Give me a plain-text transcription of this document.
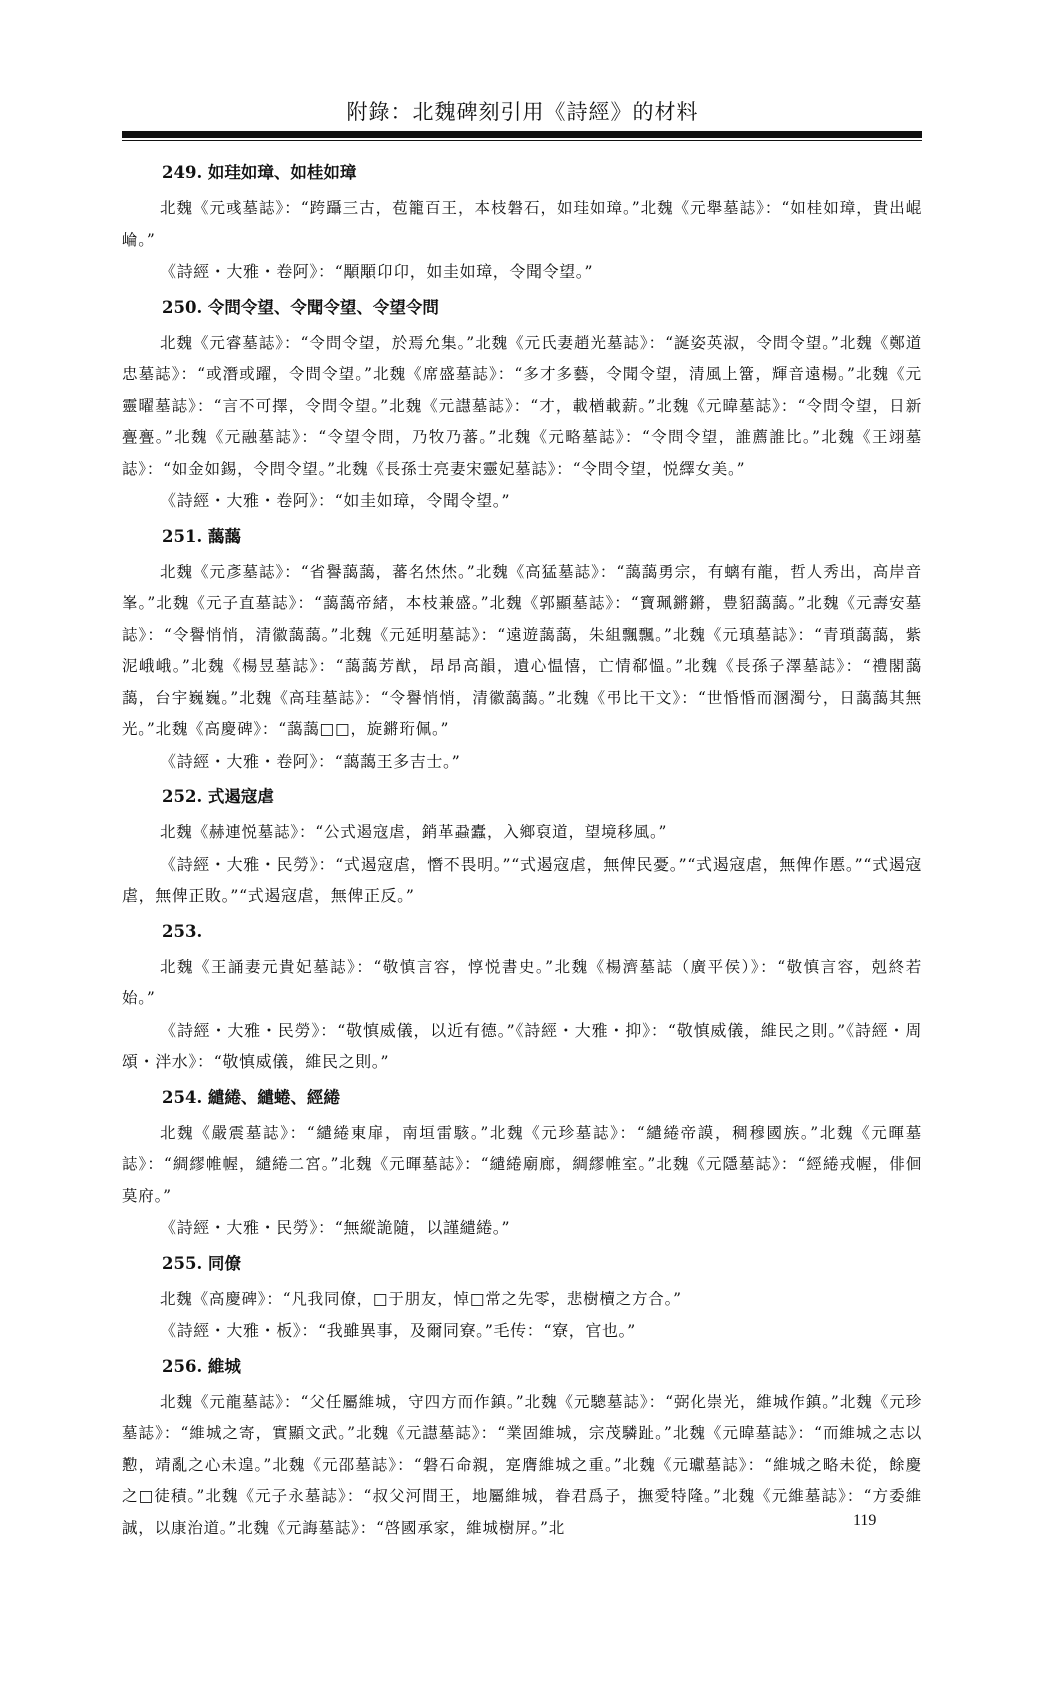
附錄：北魏碑刻引用《詩經》的材料

249. 如珪如璋、如桂如璋

北魏《元彧墓誌》：“跨躡三古，苞籠百王，本枝磐石，如珪如璋。”北魏《元舉墓誌》：“如桂如璋，貴出崐崘。”

《詩經・大雅・卷阿》：“顒顒卬卬，如圭如璋，令聞令望。”

250. 令問令望、令聞令望、令望令問

北魏《元睿墓誌》：“令問令望，於焉允集。”北魏《元氏妻趙光墓誌》：“誕姿英淑，令問令望。”北魏《鄭道忠墓誌》：“或潛或躍，令問令望。”北魏《席盛墓誌》：“多才多藝，令聞令望，清風上簹，輝音遠楊。”北魏《元靈曜墓誌》：“言不可擇，令問令望。”北魏《元譿墓誌》：“才，載楢載薪。”北魏《元暐墓誌》：“令問令望，日新亹亹。”北魏《元融墓誌》：“令望令問，乃牧乃蕃。”北魏《元略墓誌》：“令問令望，誰薦誰比。”北魏《王翊墓誌》：“如金如錫，令問令望。”北魏《長孫士亮妻宋靈妃墓誌》：“令問令望，悦繹女美。”

《詩經・大雅・卷阿》：“如圭如璋，令聞令望。”

251. 藹藹

北魏《元彥墓誌》：“省譽藹藹，蕃名烋烋。”北魏《高猛墓誌》：“藹藹勇宗，有螭有龍，哲人秀出，高岸音峯。”北魏《元子直墓誌》：“藹藹帝緒，本枝兼盛。”北魏《郭顯墓誌》：“寶珮鏘鏘，豊貂藹藹。”北魏《元壽安墓誌》：“令譽悄悄，清徽藹藹。”北魏《元延明墓誌》：“遠遊藹藹，朱組飄飄。”北魏《元瑱墓誌》：“青瑣藹藹，紫泥峨峨。”北魏《楊昱墓誌》：“藹藹芳猷，昂昂高韻，遺心愠憘，亡情郗慍。”北魏《長孫子澤墓誌》：“禮閣藹藹，台宇巍巍。”北魏《高珪墓誌》：“令譽悄悄，清徽藹藹。”北魏《弔比干文》：“世惛惛而溷濁兮，日藹藹其無光。”北魏《高慶碑》：“藹藹□□，旋鏘珩佩。”

《詩經・大雅・卷阿》：“藹藹王多吉士。”

252. 式遏寇虐

北魏《赫連悦墓誌》：“公式遏寇虐，銷革蝨蠹，入鄉裒道，望境移風。”

《詩經・大雅・民勞》：“式遏寇虐，憯不畏明。”“式遏寇虐，無俾民憂。”“式遏寇虐，無俾作慝。”“式遏寇虐，無俾正敗。”“式遏寇虐，無俾正反。”

253.

北魏《王誦妻元貴妃墓誌》：“敬慎言容，惇悦書史。”北魏《楊濟墓誌（廣平侯）》：“敬慎言容，剋終若始。”

《詩經・大雅・民勞》：“敬慎威儀，以近有德。”《詩經・大雅・抑》：“敬慎威儀，維民之則。”《詩經・周頌・泮水》：“敬慎威儀，維民之則。”

254. 繾綣、繾蜷、經綣

北魏《嚴震墓誌》：“繾綣東扉，南垣雷駭。”北魏《元珍墓誌》：“繾綣帝謨，稠穆國族。”北魏《元暉墓誌》：“綢繆帷幄，繾綣二宮。”北魏《元暉墓誌》：“繾綣廟廊，綢繆帷室。”北魏《元隱墓誌》：“經綣戎幄，俳佪莫府。”

《詩經・大雅・民勞》：“無縱詭隨，以謹繾綣。”

255. 同僚

北魏《高慶碑》：“凡我同僚，□于朋友，悼□常之先零，悲樹櫝之方合。”

《詩經・大雅・板》：“我雖異事，及爾同寮。”毛传：“寮，官也。”

256. 維城

北魏《元龍墓誌》：“父任屬維城，守四方而作鎮。”北魏《元驄墓誌》：“弼化崇光，維城作鎮。”北魏《元珍墓誌》：“維城之寄，實顯文武。”北魏《元譿墓誌》：“業固維城，宗茂驎趾。”北魏《元暐墓誌》：“而維城之志以懃，靖亂之心未遑。”北魏《元邵墓誌》：“磐石命親，寔膺維城之重。”北魏《元瓛墓誌》：“維城之略未從，餘慶之□徒積。”北魏《元子永墓誌》：“叔父河間王，地屬維城，眷君爲子，撫愛特隆。”北魏《元維墓誌》：“方委維誠，以康治道。”北魏《元誨墓誌》：“啓國承家，維城樹屏。”北	119
